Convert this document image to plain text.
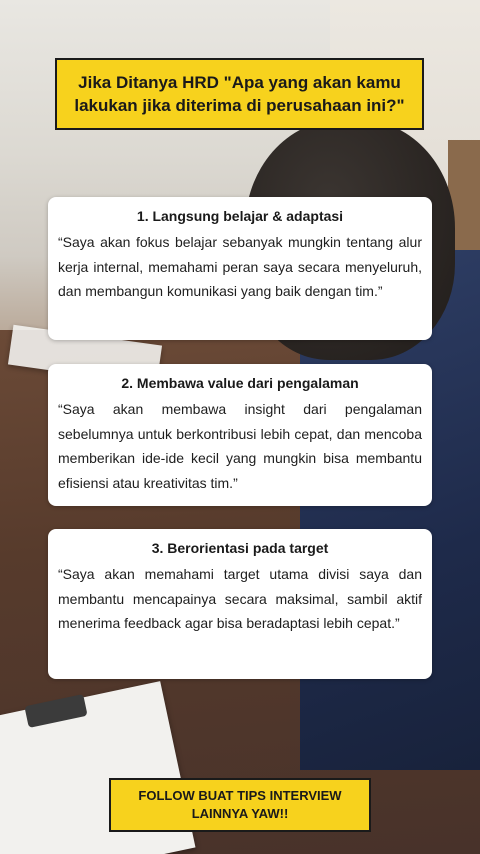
Jika Ditanya HRD "Apa yang akan kamu
lakukan jika diterima di perusahaan ini?"
1. Langsung belajar & adaptasi
“Saya akan fokus belajar sebanyak mungkin tentang alur kerja internal, memahami peran saya secara menyeluruh, dan membangun komunikasi yang baik dengan tim.”
2. Membawa value dari pengalaman
“Saya akan membawa insight dari pengalaman sebelumnya untuk berkontribusi lebih cepat, dan mencoba memberikan ide-ide kecil yang mungkin bisa membantu efisiensi atau kreativitas tim.”
3. Berorientasi pada target
“Saya akan memahami target utama divisi saya dan membantu mencapainya secara maksimal, sambil aktif menerima feedback agar bisa beradaptasi lebih cepat.”
FOLLOW BUAT TIPS INTERVIEW
LAINNYA YAW!!
